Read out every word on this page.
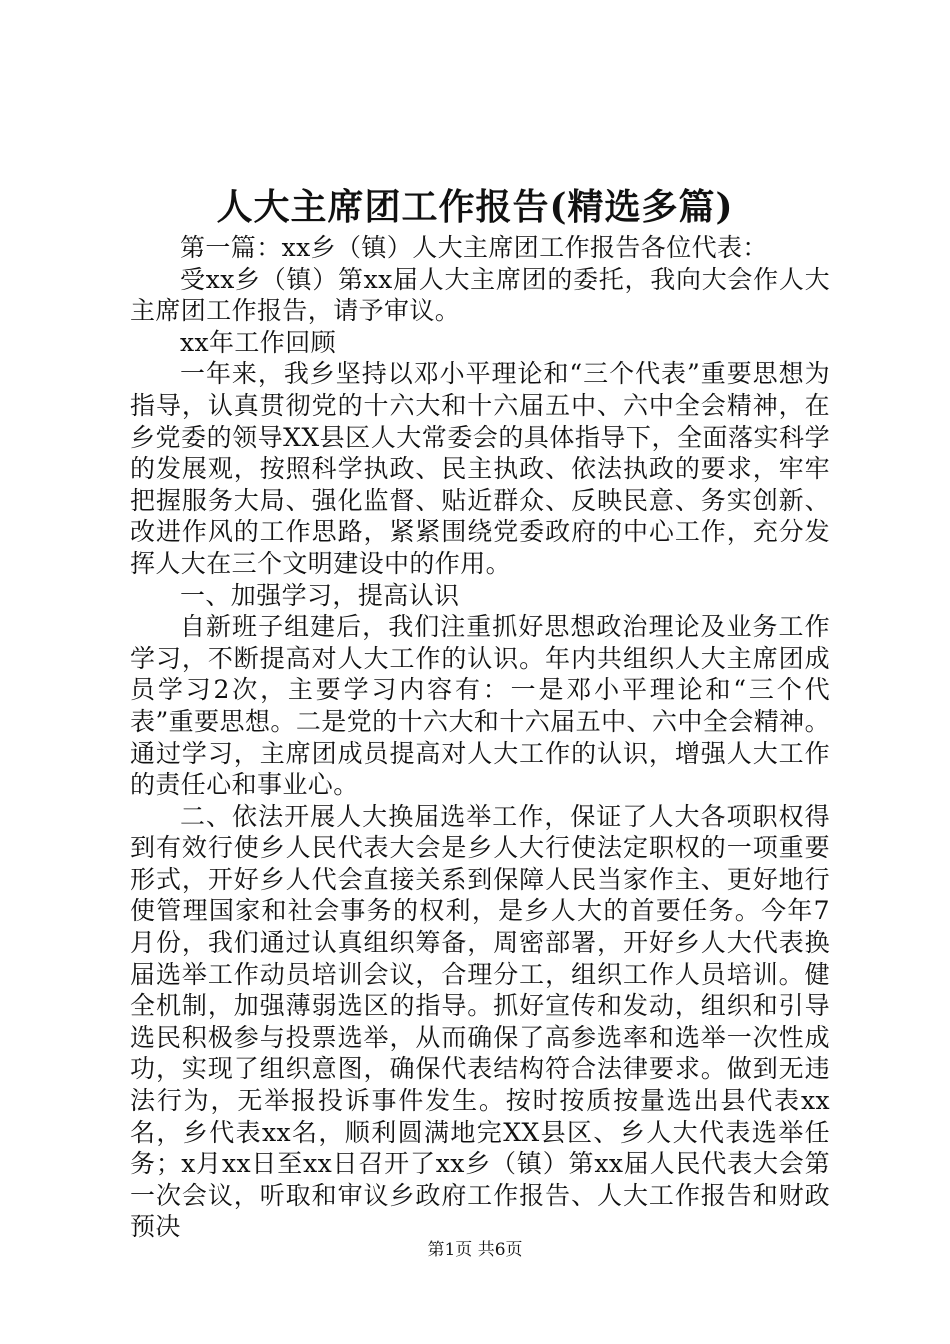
人大主席团工作报告(精选多篇)

第一篇：xx乡（镇）人大主席团工作报告各位代表：

受xx乡（镇）第xx届人大主席团的委托，我向大会作人大主席团工作报告，请予审议。

xx年工作回顾

一年来，我乡坚持以邓小平理论和“三个代表”重要思想为指导，认真贯彻党的十六大和十六届五中、六中全会精神，在乡党委的领导XX县区人大常委会的具体指导下，全面落实科学的发展观，按照科学执政、民主执政、依法执政的要求，牢牢把握服务大局、强化监督、贴近群众、反映民意、务实创新、改进作风的工作思路，紧紧围绕党委政府的中心工作，充分发挥人大在三个文明建设中的作用。

一、加强学习，提高认识

自新班子组建后，我们注重抓好思想政治理论及业务工作学习，不断提高对人大工作的认识。年内共组织人大主席团成员学习2次，主要学习内容有：一是邓小平理论和“三个代表”重要思想。二是党的十六大和十六届五中、六中全会精神。通过学习，主席团成员提高对人大工作的认识，增强人大工作的责任心和事业心。

二、依法开展人大换届选举工作，保证了人大各项职权得到有效行使乡人民代表大会是乡人大行使法定职权的一项重要形式，开好乡人代会直接关系到保障人民当家作主、更好地行使管理国家和社会事务的权利，是乡人大的首要任务。今年7月份，我们通过认真组织筹备，周密部署，开好乡人大代表换届选举工作动员培训会议，合理分工，组织工作人员培训。健全机制，加强薄弱选区的指导。抓好宣传和发动，组织和引导选民积极参与投票选举，从而确保了高参选率和选举一次性成功，实现了组织意图，确保代表结构符合法律要求。做到无违法行为，无举报投诉事件发生。按时按质按量选出县代表xx名，乡代表xx名，顺利圆满地完XX县区、乡人大代表选举任务；x月xx日至xx日召开了xx乡（镇）第xx届人民代表大会第一次会议，听取和审议乡政府工作报告、人大工作报告和财政预决

第1页 共6页
